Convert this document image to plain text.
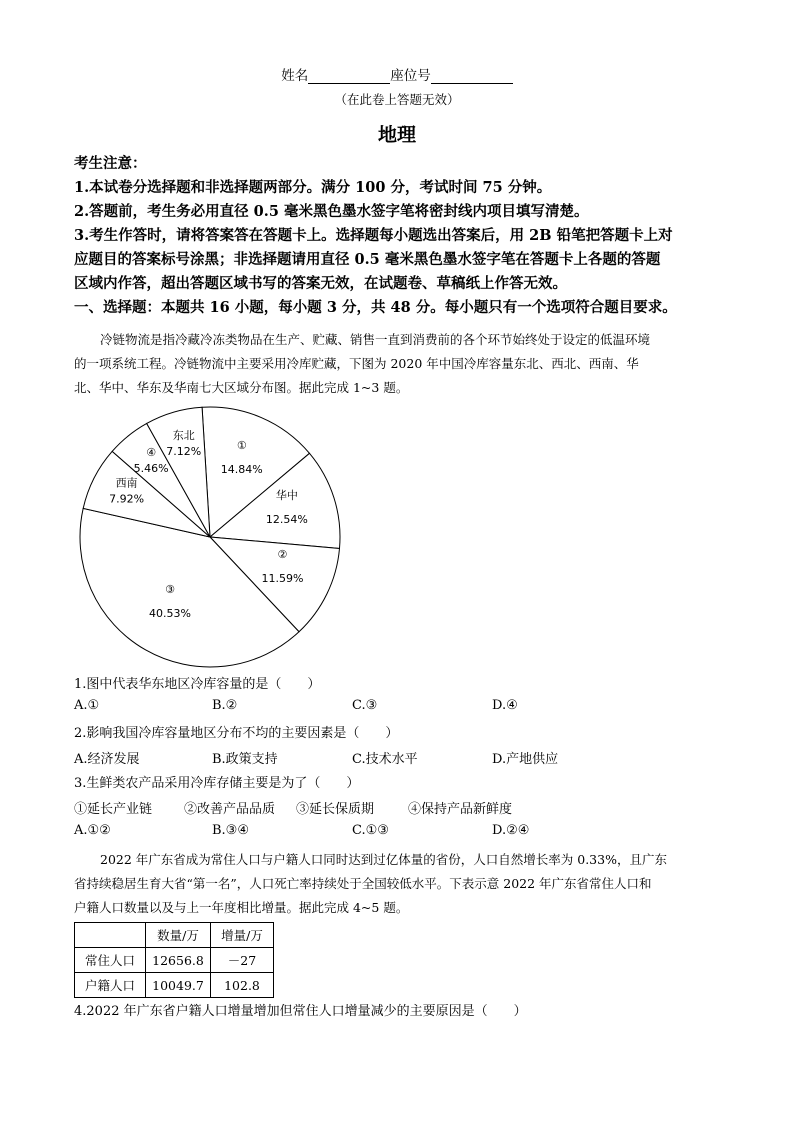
姓名	座位号
（在此卷上答题无效）
地理
考生注意：
1.本试卷分选择题和非选择题两部分。满分 100 分，考试时间 75 分钟。
2.答题前，考生务必用直径 0.5 毫米黑色墨水签字笔将密封线内项目填写清楚。
3.考生作答时，请将答案答在答题卡上。选择题每小题选出答案后，用 2B 铅笔把答题卡上对
应题目的答案标号涂黑；非选择题请用直径 0.5 毫米黑色墨水签字笔在答题卡上各题的答题
区域内作答，超出答题区域书写的答案无效，在试题卷、草稿纸上作答无效。
一、选择题：本题共 16 小题，每小题 3 分，共 48 分。每小题只有一个选项符合题目要求。
冷链物流是指冷藏冷冻类物品在生产、贮藏、销售一直到消费前的各个环节始终处于设定的低温环境
的一项系统工程。冷链物流中主要采用冷库贮藏，下图为 2020 年中国冷库容量东北、西北、西南、华
北、华中、华东及华南七大区域分布图。据此完成 1~3 题。
①
14.84%
华中
12.54%
②
11.59%
③
40.53%
西南
7.92%
④
5.46%
东北
7.12%
1.图中代表华东地区冷库容量的是（　　）
A.①	B.②	C.③	D.④
2.影响我国冷库容量地区分布不均的主要因素是（　　）
A.经济发展	B.政策支持	C.技术水平	D.产地供应
3.生鲜类农产品采用冷库存储主要是为了（　　）
①延长产业链 ②改善产品品质 ③延长保质期	④保持产品新鲜度
A.①②	B.③④	C.①③	D.②④
2022 年广东省成为常住人口与户籍人口同时达到过亿体量的省份，人口自然增长率为 0.33%，且广东
省持续稳居生育大省“第一名”，人口死亡率持续处于全国较低水平。下表示意 2022 年广东省常住人口和
户籍人口数量以及与上一年度相比增量。据此完成 4~5 题。
	数量/万	增量/万
常住人口	12656.8	－27
户籍人口	10049.7	102.8
4.2022 年广东省户籍人口增量增加但常住人口增量减少的主要原因是（　　）
